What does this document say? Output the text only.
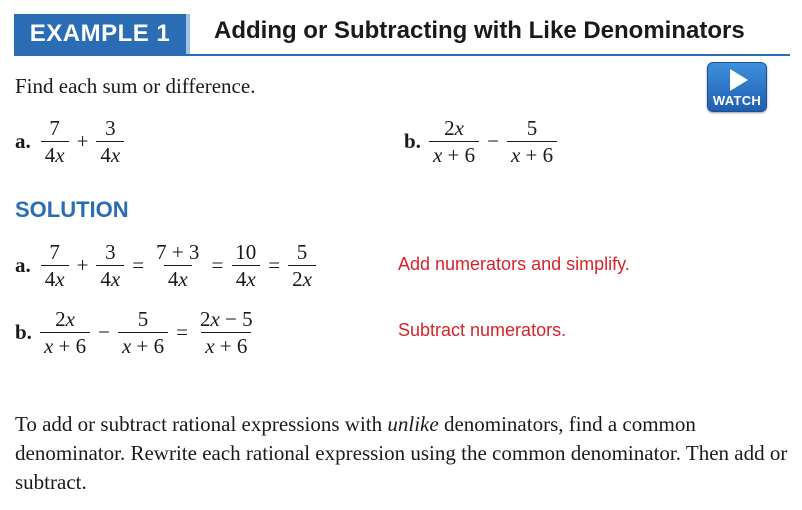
EXAMPLE 1 Adding or Subtracting with Like Denominators
Find each sum or difference.
WATCH
a. $\frac{7}{4x} + \frac{3}{4x}$	b. $\frac{2x}{x + 6} - \frac{5}{x + 6}$
SOLUTION
a. $\frac{7}{4x} + \frac{3}{4x} = \frac{7 + 3}{4x} = \frac{10}{4x} = \frac{5}{2x}$	Add numerators and simplify.
b. $\frac{2x}{x + 6} - \frac{5}{x + 6} = \frac{2x - 5}{x + 6}$	Subtract numerators.
To add or subtract rational expressions with unlike denominators, find a common denominator. Rewrite each rational expression using the common denominator. Then add or subtract.
